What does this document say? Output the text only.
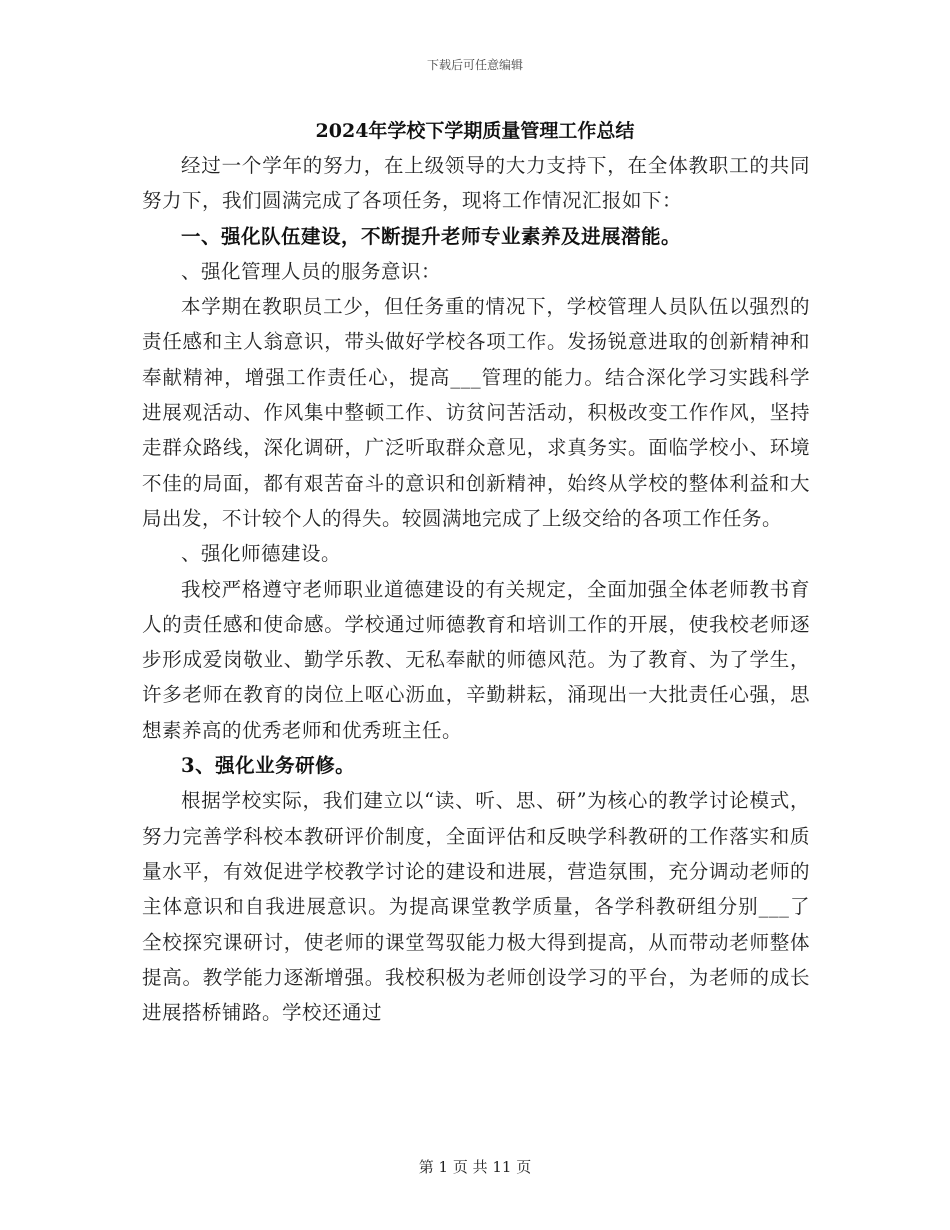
下载后可任意编辑
2024年学校下学期质量管理工作总结

经过一个学年的努力，在上级领导的大力支持下，在全体教职工的共同努力下，我们圆满完成了各项任务，现将工作情况汇报如下：

一、强化队伍建设，不断提升老师专业素养及进展潜能。

、强化管理人员的服务意识：

本学期在教职员工少，但任务重的情况下，学校管理人员队伍以强烈的责任感和主人翁意识，带头做好学校各项工作。发扬锐意进取的创新精神和奉献精神，增强工作责任心，提高___管理的能力。结合深化学习实践科学进展观活动、作风集中整顿工作、访贫问苦活动，积极改变工作作风，坚持走群众路线，深化调研，广泛听取群众意见，求真务实。面临学校小、环境不佳的局面，都有艰苦奋斗的意识和创新精神，始终从学校的整体利益和大局出发，不计较个人的得失。较圆满地完成了上级交给的各项工作任务。

、强化师德建设。

我校严格遵守老师职业道德建设的有关规定，全面加强全体老师教书育人的责任感和使命感。学校通过师德教育和培训工作的开展，使我校老师逐步形成爱岗敬业、勤学乐教、无私奉献的师德风范。为了教育、为了学生，许多老师在教育的岗位上呕心沥血，辛勤耕耘，涌现出一大批责任心强，思想素养高的优秀老师和优秀班主任。

3、强化业务研修。

根据学校实际，我们建立以“读、听、思、研”为核心的教学讨论模式，努力完善学科校本教研评价制度，全面评估和反映学科教研的工作落实和质量水平，有效促进学校教学讨论的建设和进展，营造氛围，充分调动老师的主体意识和自我进展意识。为提高课堂教学质量，各学科教研组分别___了全校探究课研讨，使老师的课堂驾驭能力极大得到提高，从而带动老师整体提高。教学能力逐渐增强。我校积极为老师创设学习的平台，为老师的成长进展搭桥铺路。学校还通过

第 1 页 共 11 页
